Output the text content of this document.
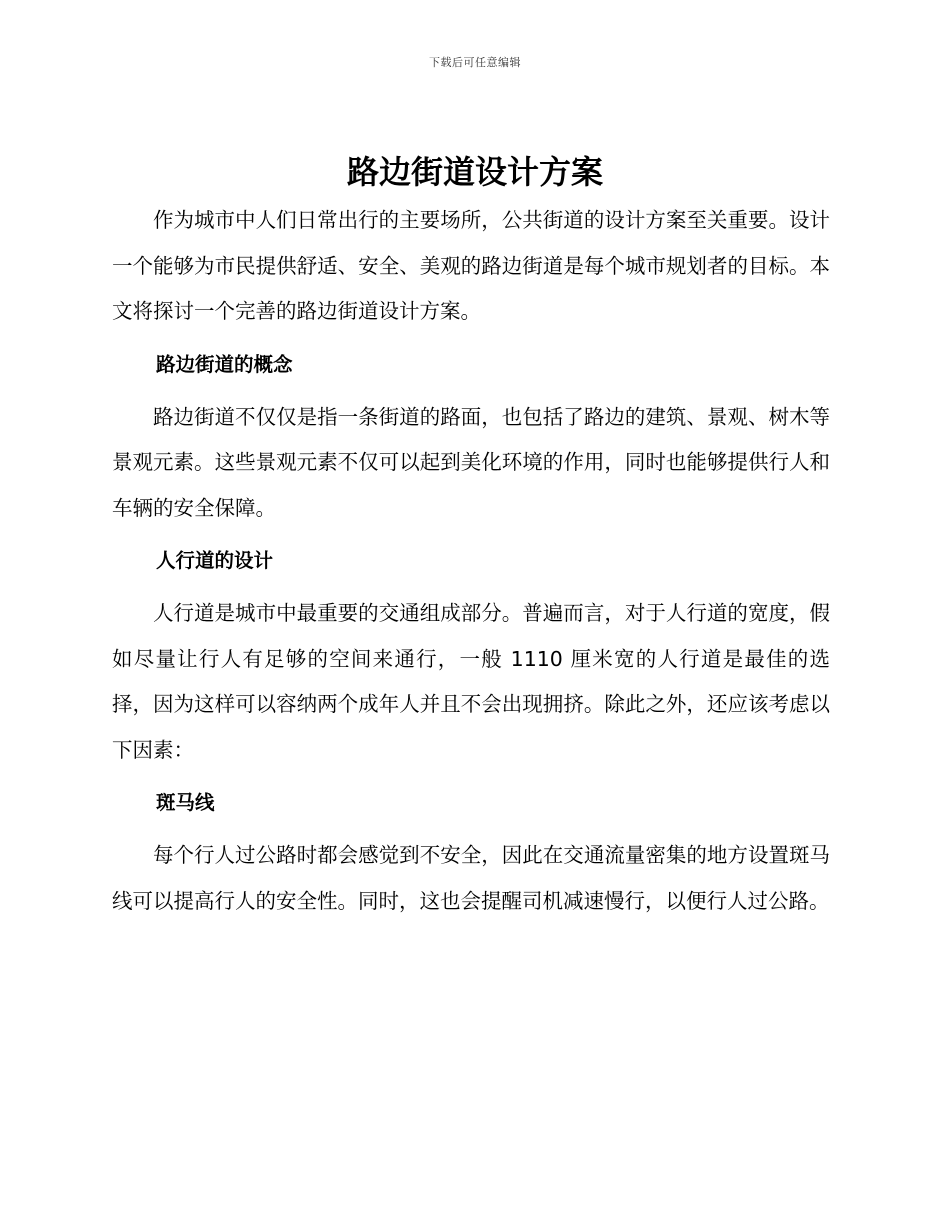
下载后可任意编辑
路边街道设计方案

作为城市中人们日常出行的主要场所，公共街道的设计方案至关重要。设计一个能够为市民提供舒适、安全、美观的路边街道是每个城市规划者的目标。本文将探讨一个完善的路边街道设计方案。

路边街道的概念

路边街道不仅仅是指一条街道的路面，也包括了路边的建筑、景观、树木等景观元素。这些景观元素不仅可以起到美化环境的作用，同时也能够提供行人和车辆的安全保障。

人行道的设计

人行道是城市中最重要的交通组成部分。普遍而言，对于人行道的宽度，假如尽量让行人有足够的空间来通行，一般 1110 厘米宽的人行道是最佳的选择，因为这样可以容纳两个成年人并且不会出现拥挤。除此之外，还应该考虑以下因素：

斑马线

每个行人过公路时都会感觉到不安全，因此在交通流量密集的地方设置斑马线可以提高行人的安全性。同时，这也会提醒司机减速慢行，以便行人过公路。
